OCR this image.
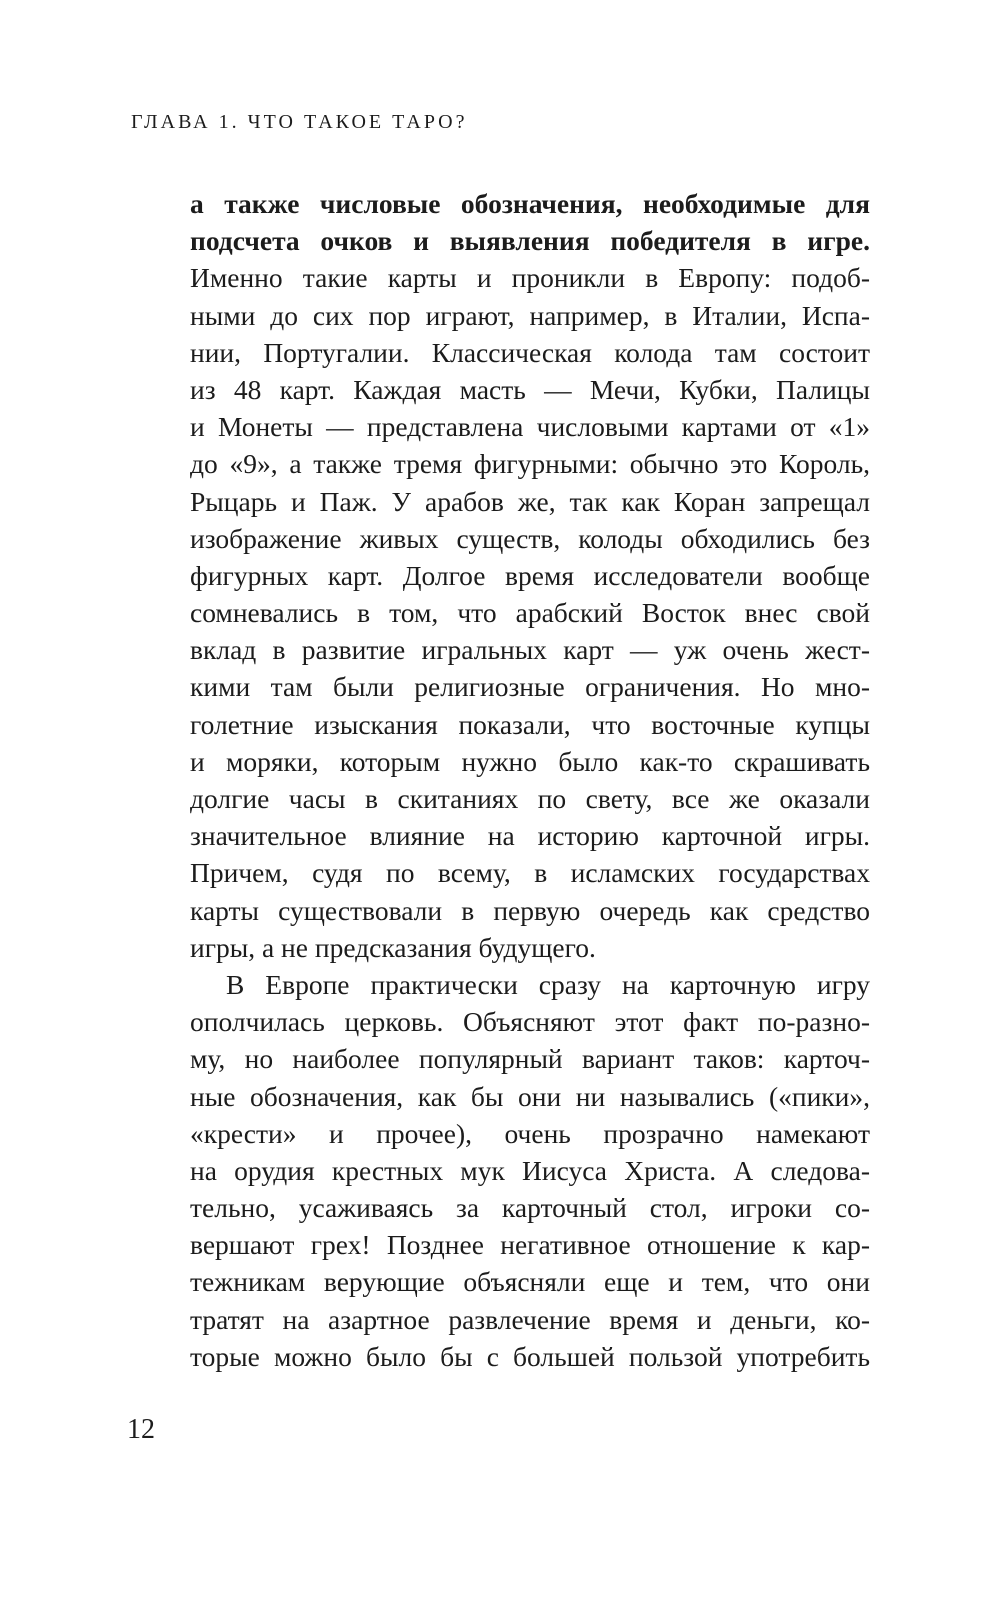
ГЛАВА 1. ЧТО ТАКОЕ ТАРО?
а также числовые обозначения, необходимые для
подсчета очков и выявления победителя в игре.
Именно такие карты и проникли в Европу: подоб-
ными до сих пор играют, например, в Италии, Испа-
нии, Португалии. Классическая колода там состоит
из 48 карт. Каждая масть — Мечи, Кубки, Палицы
и Монеты — представлена числовыми картами от «1»
до «9», а также тремя фигурными: обычно это Король,
Рыцарь и Паж. У арабов же, так как Коран запрещал
изображение живых существ, колоды обходились без
фигурных карт. Долгое время исследователи вообще
сомневались в том, что арабский Восток внес свой
вклад в развитие игральных карт — уж очень жест-
кими там были религиозные ограничения. Но мно-
голетние изыскания показали, что восточные купцы
и моряки, которым нужно было как-то скрашивать
долгие часы в скитаниях по свету, все же оказали
значительное влияние на историю карточной игры.
Причем, судя по всему, в исламских государствах
карты существовали в первую очередь как средство
игры, а не предсказания будущего.
В Европе практически сразу на карточную игру
ополчилась церковь. Объясняют этот факт по-разно-
му, но наиболее популярный вариант таков: карточ-
ные обозначения, как бы они ни назывались («пики»,
«крести» и прочее), очень прозрачно намекают
на орудия крестных мук Иисуса Христа. А следова-
тельно, усаживаясь за карточный стол, игроки со-
вершают грех! Позднее негативное отношение к кар-
тежникам верующие объясняли еще и тем, что они
тратят на азартное развлечение время и деньги, ко-
торые можно было бы с большей пользой употребить
12
